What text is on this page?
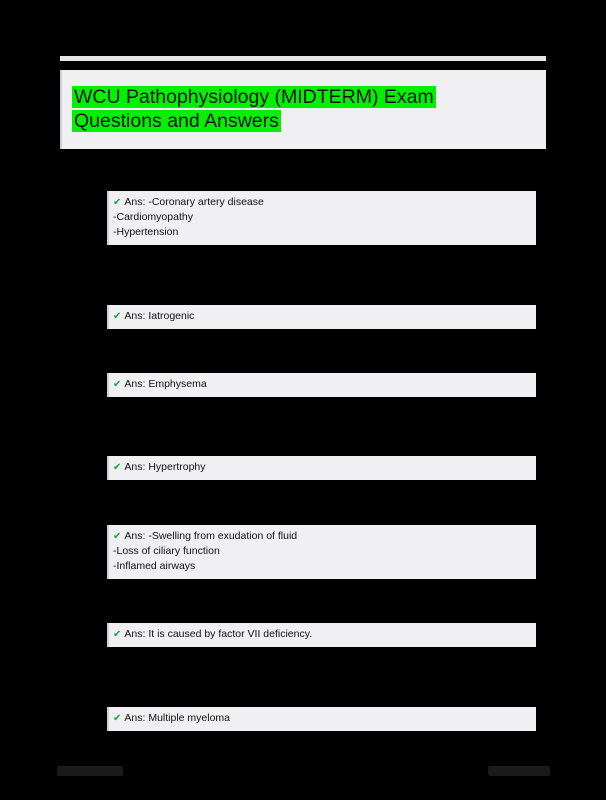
WCU Pathophysiology (MIDTERM) Exam Questions and Answers
✔ Ans: -Coronary artery disease
-Cardiomyopathy
-Hypertension
✔ Ans: Iatrogenic
✔ Ans: Emphysema
✔ Ans: Hypertrophy
✔ Ans: -Swelling from exudation of fluid
-Loss of ciliary function
-Inflamed airways
✔ Ans: It is caused by factor VII deficiency.
✔ Ans: Multiple myeloma
